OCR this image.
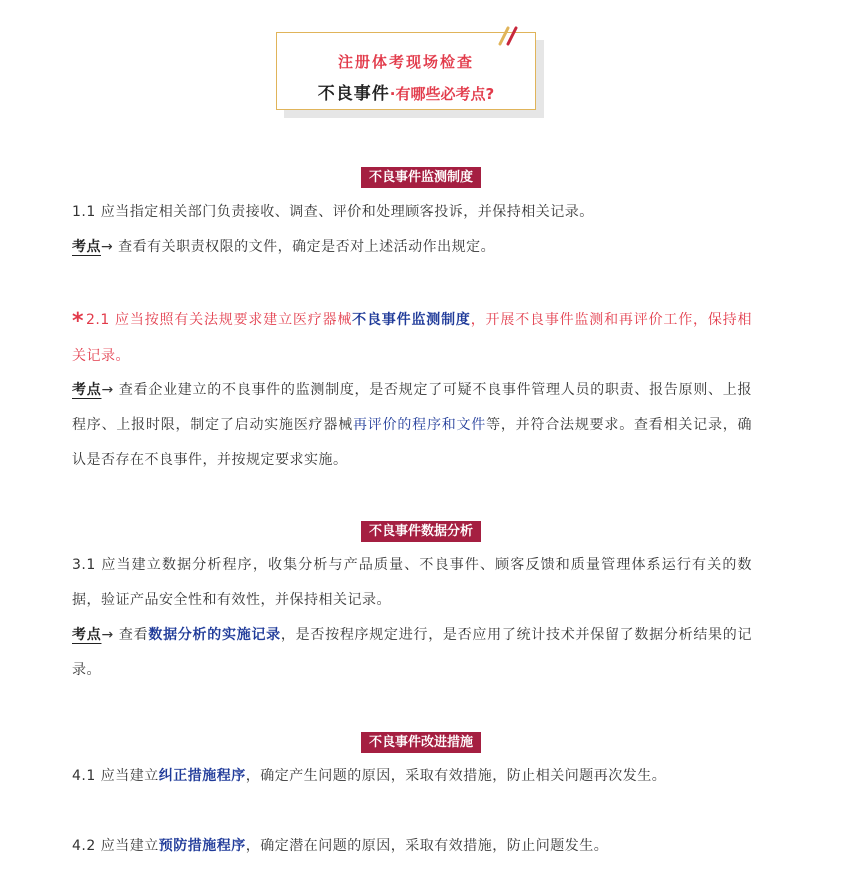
注册体考现场检查
不良事件·有哪些必考点?
不良事件监测制度
1.1 应当指定相关部门负责接收、调查、评价和处理顾客投诉，并保持相关记录。
考点→ 查看有关职责权限的文件，确定是否对上述活动作出规定。
* 2.1 应当按照有关法规要求建立医疗器械不良事件监测制度，开展不良事件监测和再评价工作，保持相关记录。
考点→ 查看企业建立的不良事件的监测制度，是否规定了可疑不良事件管理人员的职责、报告原则、上报程序、上报时限，制定了启动实施医疗器械再评价的程序和文件等，并符合法规要求。查看相关记录，确认是否存在不良事件，并按规定要求实施。
不良事件数据分析
3.1 应当建立数据分析程序，收集分析与产品质量、不良事件、顾客反馈和质量管理体系运行有关的数据，验证产品安全性和有效性，并保持相关记录。
考点→ 查看数据分析的实施记录，是否按程序规定进行，是否应用了统计技术并保留了数据分析结果的记录。
不良事件改进措施
4.1 应当建立纠正措施程序，确定产生问题的原因，采取有效措施，防止相关问题再次发生。
4.2 应当建立预防措施程序，确定潜在问题的原因，采取有效措施，防止问题发生。
